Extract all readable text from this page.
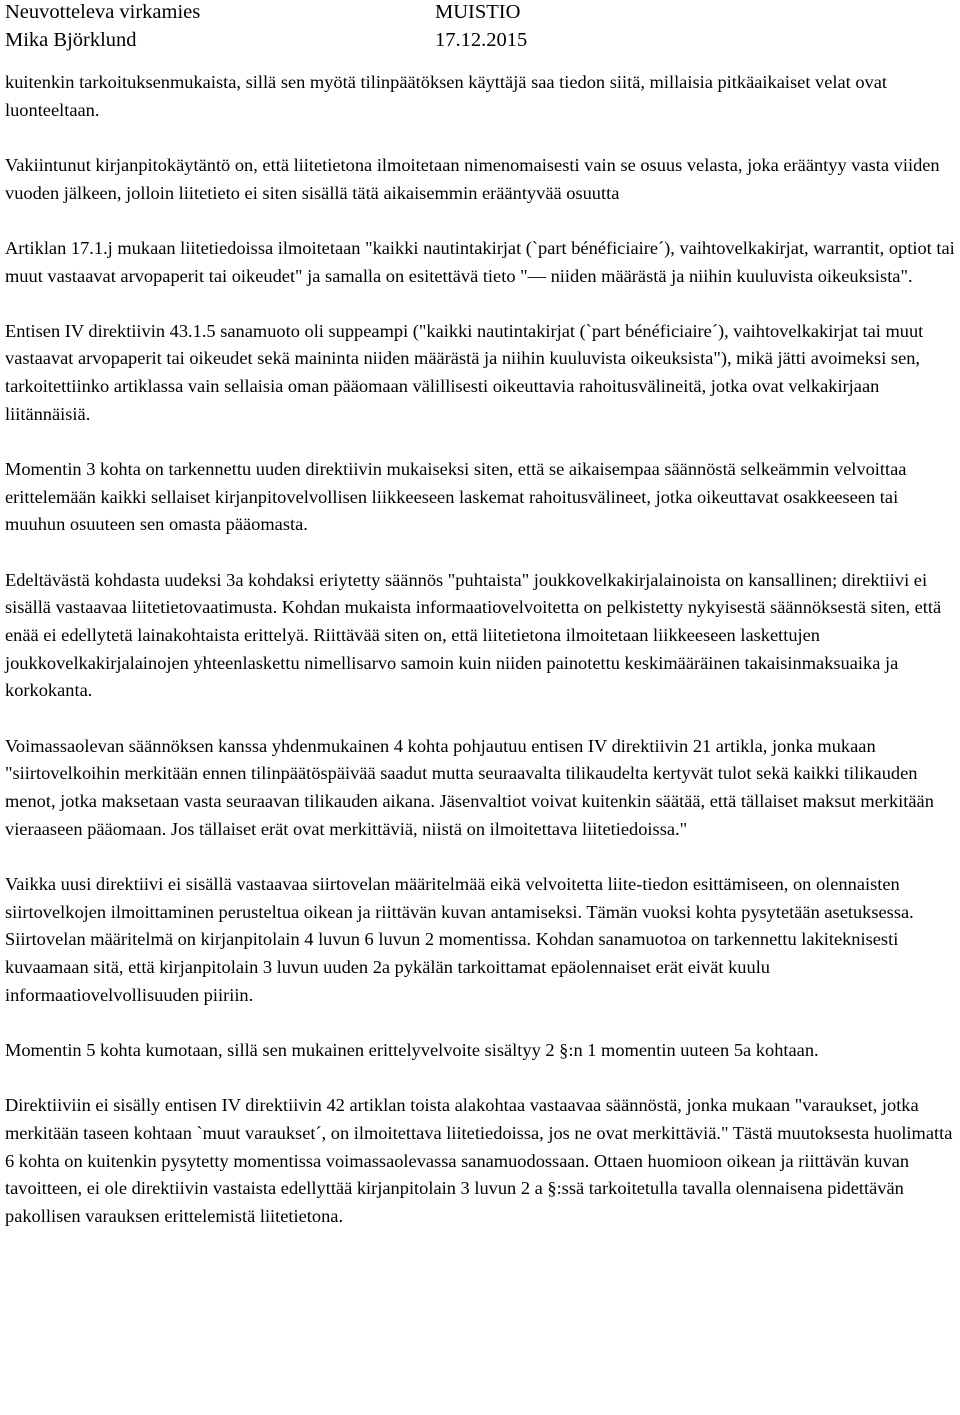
Neuvotteleva virkamies
Mika Björklund
MUISTIO
17.12.2015

kuitenkin tarkoituksenmukaista, sillä sen myötä tilinpäätöksen käyttäjä saa tiedon siitä, millaisia pitkäaikaiset velat ovat luonteeltaan.

Vakiintunut kirjanpitokäytäntö on, että liitetietona ilmoitetaan nimenomaisesti vain se osuus velasta, joka erääntyy vasta viiden vuoden jälkeen, jolloin liitetieto ei siten sisällä tätä aikaisemmin erääntyvää osuutta

Artiklan 17.1.j mukaan liitetiedoissa ilmoitetaan "kaikki nautintakirjat (`part bénéficiaire´), vaihtovelkakirjat, warrantit, optiot tai muut vastaavat arvopaperit tai oikeudet" ja samalla on esitettävä tieto "— niiden määrästä ja niihin kuuluvista oikeuksista".

Entisen IV direktiivin 43.1.5 sanamuoto oli suppeampi ("kaikki nautintakirjat (`part bénéficiaire´), vaihtovelkakirjat tai muut vastaavat arvopaperit tai oikeudet sekä maininta niiden määrästä ja niihin kuuluvista oikeuksista"), mikä jätti avoimeksi sen, tarkoitettiinko artiklassa vain sellaisia oman pääomaan välillisesti oikeuttavia rahoitusvälineitä, jotka ovat velkakirjaan liitännäisiä.

Momentin 3 kohta on tarkennettu uuden direktiivin mukaiseksi siten, että se aikaisempaa säännöstä selkeämmin velvoittaa erittelemään kaikki sellaiset kirjanpitovelvollisen liikkeeseen laskemat rahoitusvälineet, jotka oikeuttavat osakkeeseen tai muuhun osuuteen sen omasta pääomasta.

Edeltävästä kohdasta uudeksi 3a kohdaksi eriytetty säännös "puhtaista" joukkovelkakirjalainoista on kansallinen; direktiivi ei sisällä vastaavaa liitetietovaatimusta. Kohdan mukaista informaatiovelvoitetta on pelkistetty nykyisestä säännöksestä siten, että enää ei edellytetä lainakohtaista erittelyä. Riittävää siten on, että liitetietona ilmoitetaan liikkeeseen laskettujen joukkovelkakirjalainojen yhteenlaskettu nimellisarvo samoin kuin niiden painotettu keskimääräinen takaisinmaksuaika ja korkokanta.

Voimassaolevan säännöksen kanssa yhdenmukainen 4 kohta pohjautuu entisen IV direktiivin 21 artikla, jonka mukaan "siirtovelkoihin merkitään ennen tilinpäätöspäivää saadut mutta seuraavalta tilikaudelta kertyvät tulot sekä kaikki tilikauden menot, jotka maksetaan vasta seuraavan tilikauden aikana. Jäsenvaltiot voivat kuitenkin säätää, että tällaiset maksut merkitään vieraaseen pääomaan. Jos tällaiset erät ovat merkittäviä, niistä on ilmoitettava liitetiedoissa."

Vaikka uusi direktiivi ei sisällä vastaavaa siirtovelan määritelmää eikä velvoitetta liite-tiedon esittämiseen, on olennaisten siirtovelkojen ilmoittaminen perusteltua oikean ja riittävän kuvan antamiseksi. Tämän vuoksi kohta pysytetään asetuksessa. Siirtovelan määritelmä on kirjanpitolain 4 luvun 6 luvun 2 momentissa. Kohdan sanamuotoa on tarkennettu lakiteknisesti kuvaamaan sitä, että kirjanpitolain 3 luvun uuden 2a pykälän tarkoittamat epäolennaiset erät eivät kuulu informaatiovelvollisuuden piiriin.

Momentin 5 kohta kumotaan, sillä sen mukainen erittelyvelvoite sisältyy 2 §:n 1 momentin uuteen 5a kohtaan.

Direktiiviin ei sisälly entisen IV direktiivin 42 artiklan toista alakohtaa vastaavaa säännöstä, jonka mukaan "varaukset, jotka merkitään taseen kohtaan `muut varaukset´, on ilmoitettava liitetiedoissa, jos ne ovat merkittäviä." Tästä muutoksesta huolimatta 6 kohta on kuitenkin pysytetty momentissa voimassaolevassa sanamuodossaan. Ottaen huomioon oikean ja riittävän kuvan tavoitteen, ei ole direktiivin vastaista edellyttää kirjanpitolain 3 luvun 2 a §:ssä tarkoitetulla tavalla olennaisena pidettävän pakollisen varauksen erittelemistä liitetietona.
